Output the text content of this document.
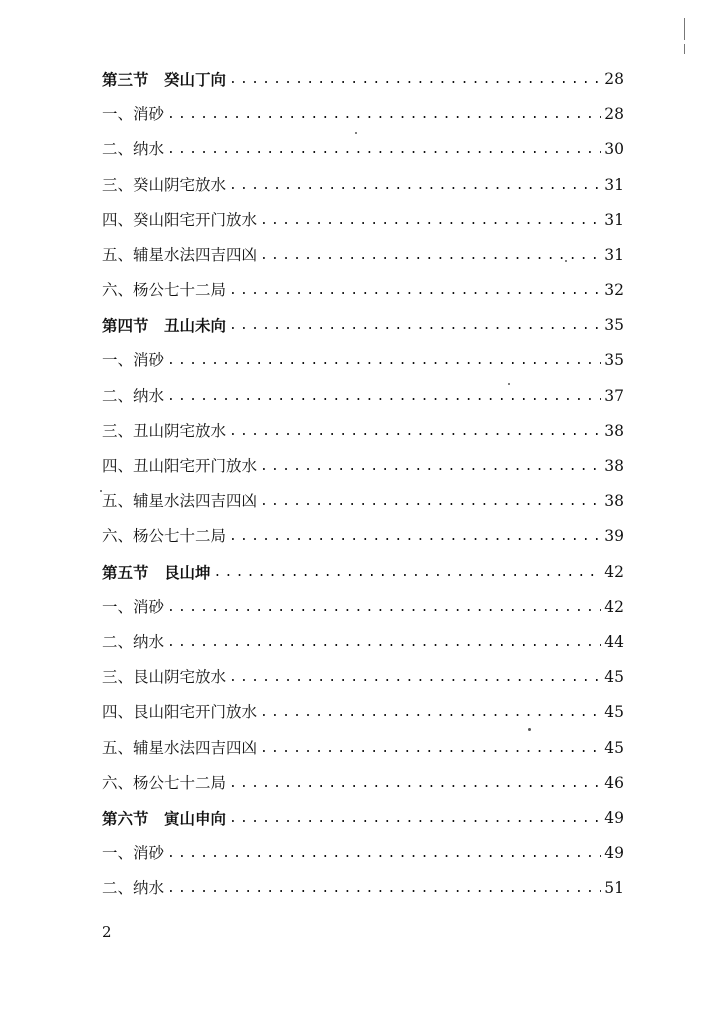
第三节　癸山丁向 .....	28
一、消砂 .....	28
二、纳水 .....	30
三、癸山阴宅放水 .....	31
四、癸山阳宅开门放水 .....	31
五、辅星水法四吉四凶 .....	31
六、杨公七十二局 .....	32
第四节　丑山未向 .....	35
一、消砂 .....	35
二、纳水 .....	37
三、丑山阴宅放水 .....	38
四、丑山阳宅开门放水 .....	38
五、辅星水法四吉四凶 .....	38
六、杨公七十二局 .....	39
第五节　艮山坤 .....	42
一、消砂 .....	42
二、纳水 .....	44
三、艮山阴宅放水 .....	45
四、艮山阳宅开门放水 .....	45
五、辅星水法四吉四凶 .....	45
六、杨公七十二局 .....	46
第六节　寅山申向 .....	49
一、消砂 .....	49
二、纳水 .....	51
2
